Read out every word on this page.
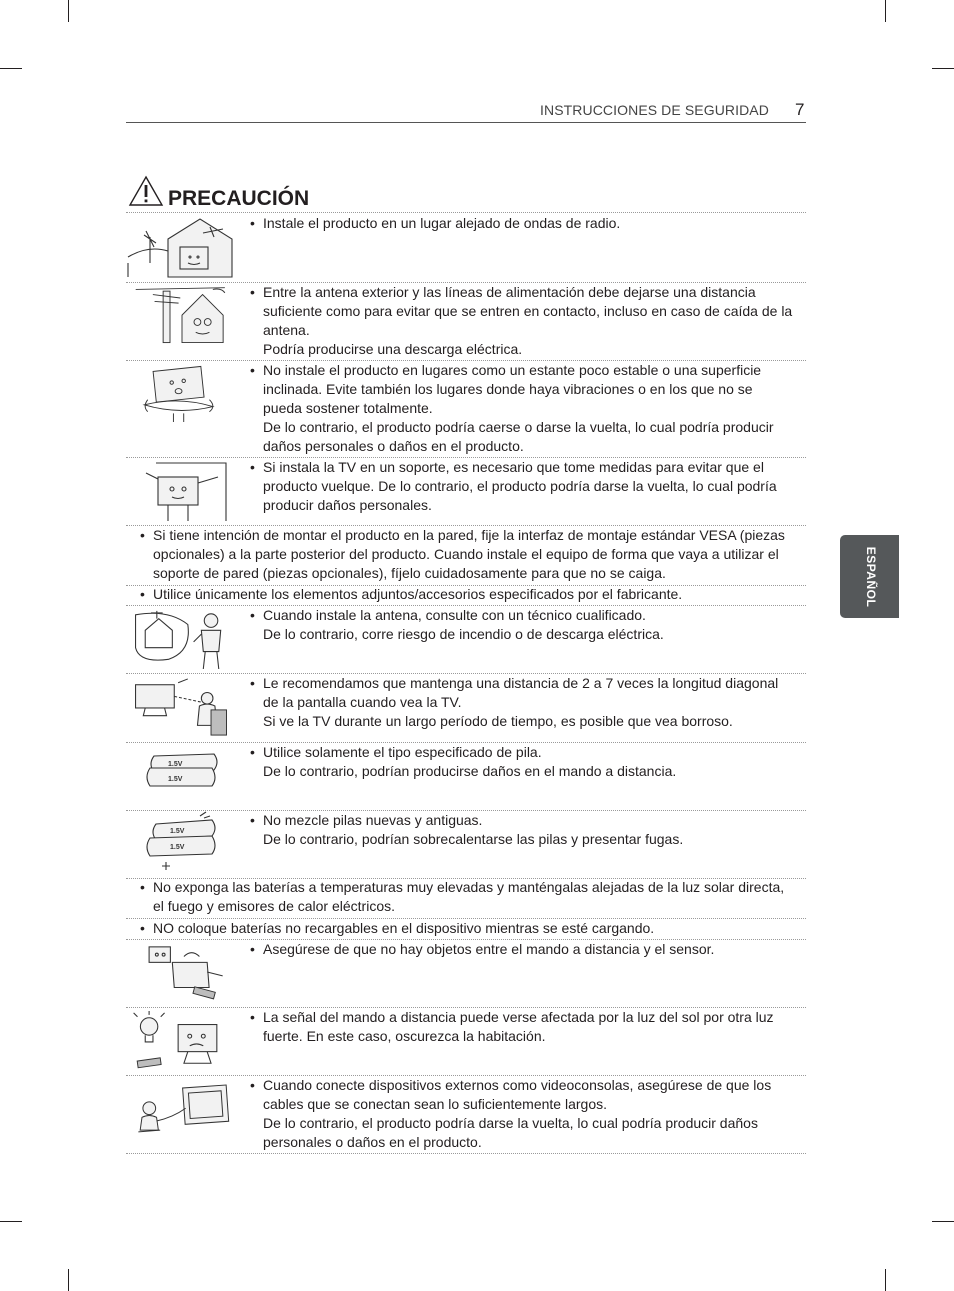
INSTRUCCIONES DE SEGURIDAD 7
PRECAUCIÓN
ESPAÑOL
• Instale el producto en un lugar alejado de ondas de radio.
• Entre la antena exterior y las líneas de alimentación debe dejarse una distancia suficiente como para evitar que se entren en contacto, incluso en caso de caída de la antena.
Podría producirse una descarga eléctrica.
• No instale el producto en lugares como un estante poco estable o una superficie inclinada. Evite también los lugares donde haya vibraciones o en los que no se pueda sostener totalmente.
De lo contrario, el producto podría caerse o darse la vuelta, lo cual podría producir daños personales o daños en el producto.
• Si instala la TV en un soporte, es necesario que tome medidas para evitar que el producto vuelque. De lo contrario, el producto podría darse la vuelta, lo cual podría producir daños personales.
• Si tiene intención de montar el producto en la pared, fije la interfaz de montaje estándar VESA (piezas opcionales) a la parte posterior del producto. Cuando instale el equipo de forma que vaya a utilizar el soporte de pared (piezas opcionales), fíjelo cuidadosamente para que no se caiga.
• Utilice únicamente los elementos adjuntos/accesorios especificados por el fabricante.
• Cuando instale la antena, consulte con un técnico cualificado.
De lo contrario, corre riesgo de incendio o de descarga eléctrica.
• Le recomendamos que mantenga una distancia de 2 a 7 veces la longitud diagonal de la pantalla cuando vea la TV.
Si ve la TV durante un largo período de tiempo, es posible que vea borroso.
1.5V
1.5V
• Utilice solamente el tipo especificado de pila.
De lo contrario, podrían producirse daños en el mando a distancia.
1.5V
1.5V
• No mezcle pilas nuevas y antiguas.
De lo contrario, podrían sobrecalentarse las pilas y presentar fugas.
• No exponga las baterías a temperaturas muy elevadas y manténgalas alejadas de la luz solar directa, el fuego y emisores de calor eléctricos.
• NO coloque baterías no recargables en el dispositivo mientras se esté cargando.
• Asegúrese de que no hay objetos entre el mando a distancia y el sensor.
• La señal del mando a distancia puede verse afectada por la luz del sol por otra luz fuerte. En este caso, oscurezca la habitación.
• Cuando conecte dispositivos externos como videoconsolas, asegúrese de que los cables que se conectan sean lo suficientemente largos.
De lo contrario, el producto podría darse la vuelta, lo cual podría producir daños personales o daños en el producto.
